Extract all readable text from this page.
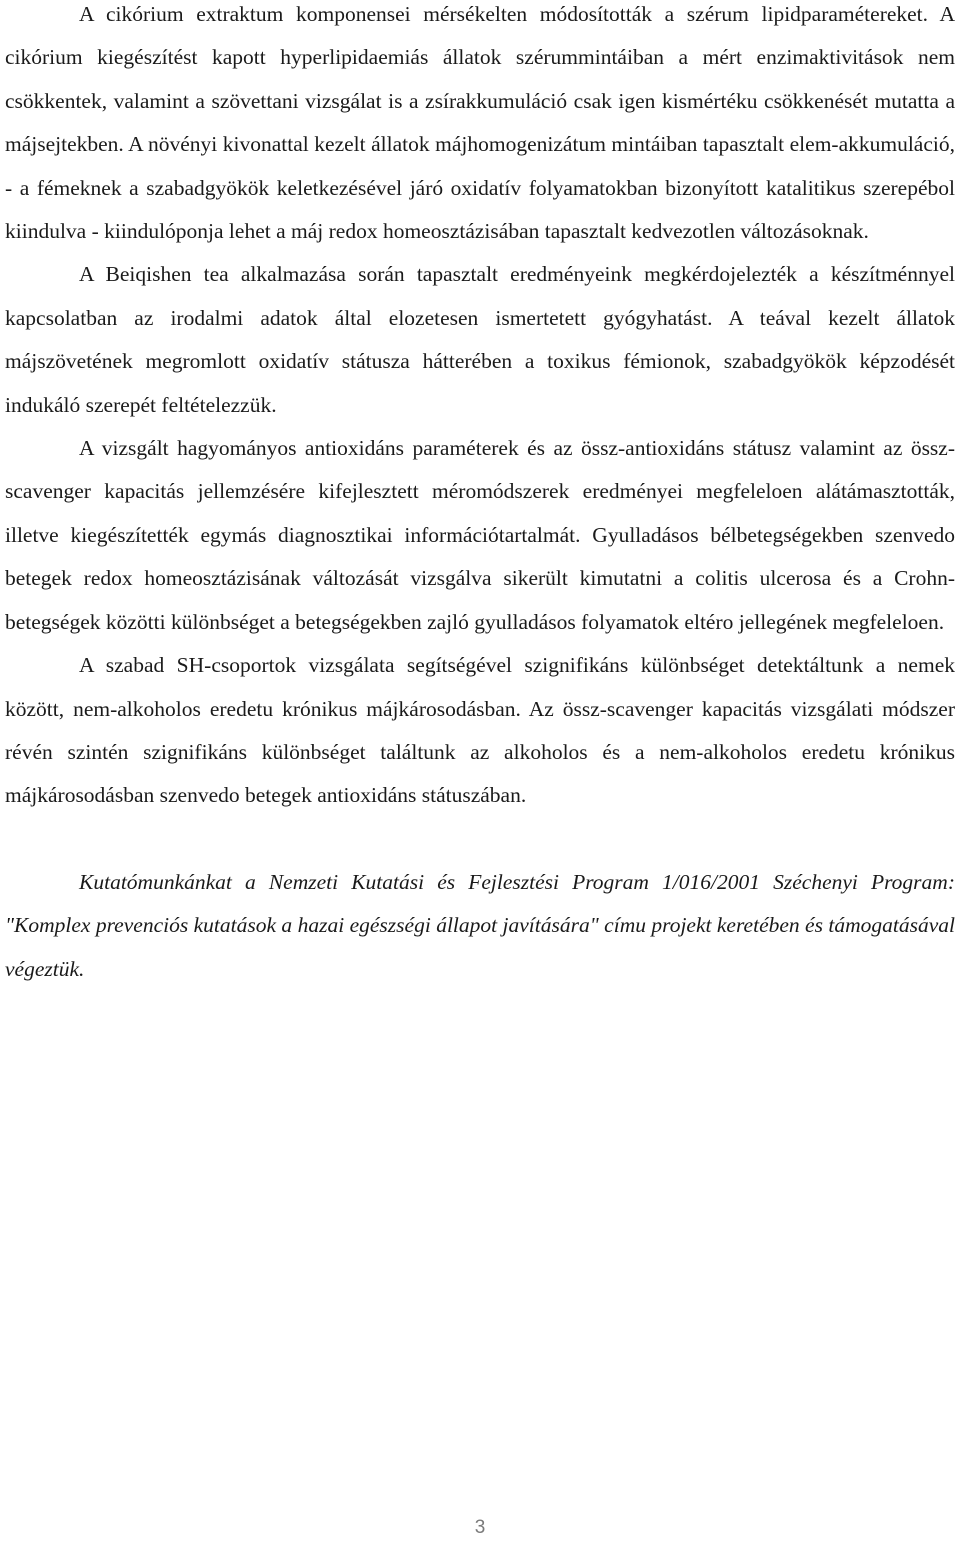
A cikórium extraktum komponensei mérsékelten módosították a szérum lipidparamétereket. A cikórium kiegészítést kapott hyperlipidaemiás állatok szérummintáiban a mért enzimaktivitások nem csökkentek, valamint a szövettani vizsgálat is a zsírakkumuláció csak igen kismértéku csökkenését mutatta a májsejtekben. A növényi kivonattal kezelt állatok májhomogenizátum mintáiban tapasztalt elem-akkumuláció, - a fémeknek a szabadgyökök keletkezésével járó oxidatív folyamatokban bizonyított katalitikus szerepébol kiindulva - kiindulóponja lehet a máj redox homeosztázisában tapasztalt kedvezotlen változásoknak.

A Beiqishen tea alkalmazása során tapasztalt eredményeink megkérdojelezték a készítménnyel kapcsolatban az irodalmi adatok által elozetesen ismertetett gyógyhatást. A teával kezelt állatok májszövetének megromlott oxidatív státusza hátterében a toxikus fémionok, szabadgyökök képzodését indukáló szerepét feltételezzük.

A vizsgált hagyományos antioxidáns paraméterek és az össz-antioxidáns státusz valamint az össz-scavenger kapacitás jellemzésére kifejlesztett méromódszerek eredményei megfeleloen alátámasztották, illetve kiegészítették egymás diagnosztikai információtartalmát. Gyulladásos bélbetegségekben szenvedo betegek redox homeosztázisának változását vizsgálva sikerült kimutatni a colitis ulcerosa és a Crohn-betegségek közötti különbséget a betegségekben zajló gyulladásos folyamatok eltéro jellegének megfeleloen.

A szabad SH-csoportok vizsgálata segítségével szignifikáns különbséget detektáltunk a nemek között, nem-alkoholos eredetu krónikus májkárosodásban. Az össz-scavenger kapacitás vizsgálati módszer révén szintén szignifikáns különbséget találtunk az alkoholos és a nem-alkoholos eredetu krónikus májkárosodásban szenvedo betegek antioxidáns státuszában.

Kutatómunkánkat a Nemzeti Kutatási és Fejlesztési Program 1/016/2001 Széchenyi Program: "Komplex prevenciós kutatások a hazai egészségi állapot javítására" címu projekt keretében és támogatásával végeztük.

3
